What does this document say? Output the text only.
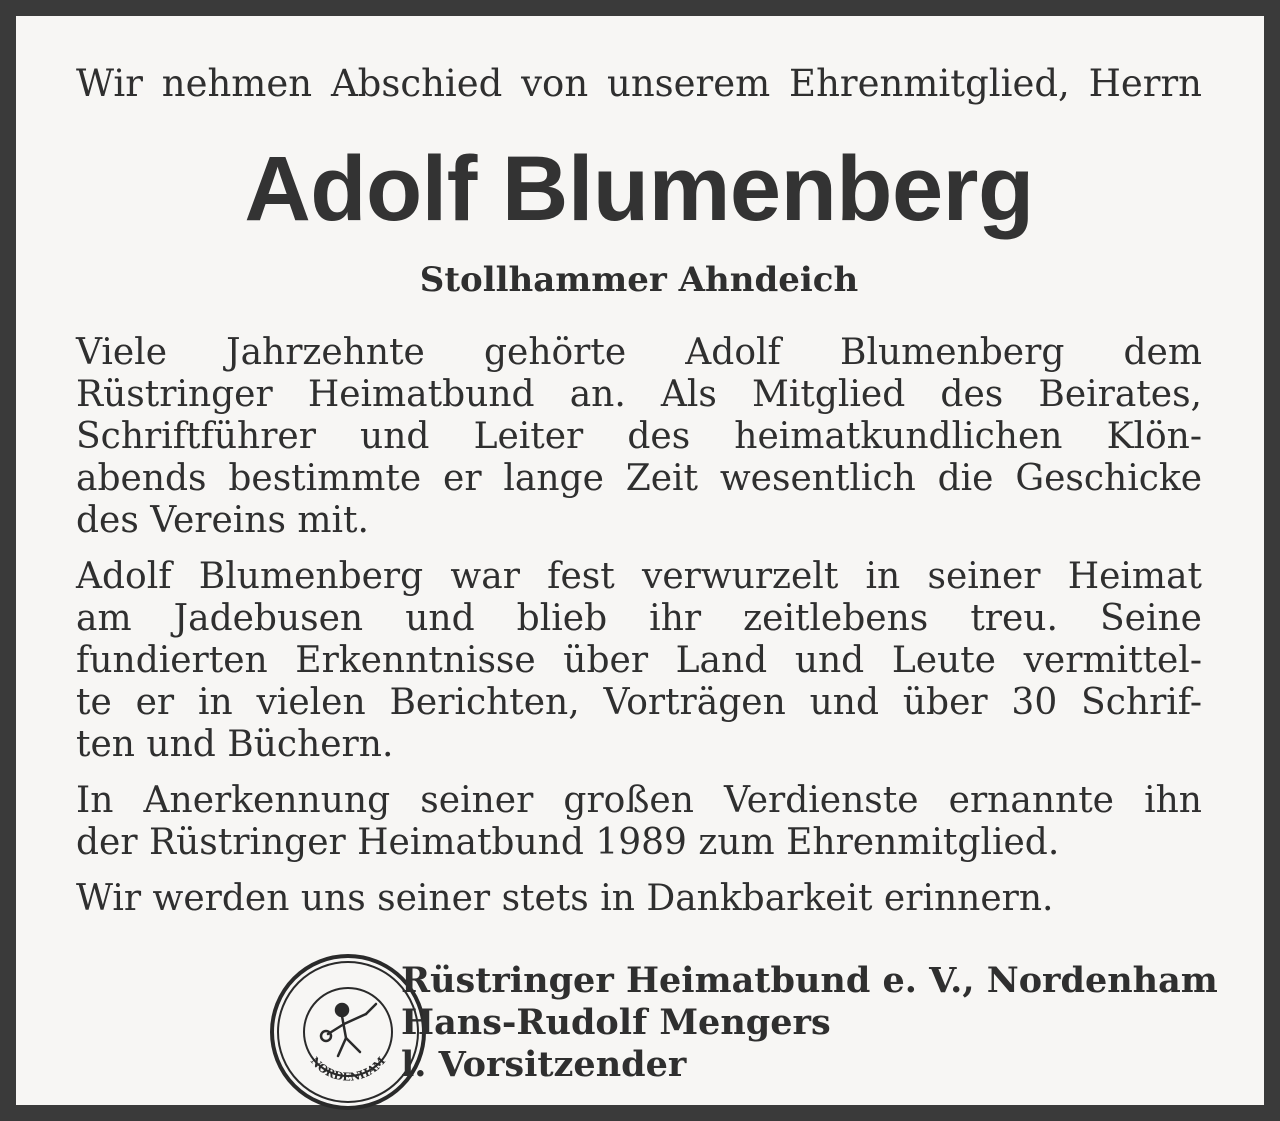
Wir nehmen Abschied von unserem Ehrenmitglied, Herrn
Adolf Blumenberg
Stollhammer Ahndeich
Viele Jahrzehnte gehörte Adolf Blumenberg dem
Rüstringer Heimatbund an. Als Mitglied des Beirates,
Schriftführer und Leiter des heimatkundlichen Klön-
abends bestimmte er lange Zeit wesentlich die Geschicke
des Vereins mit.
Adolf Blumenberg war fest verwurzelt in seiner Heimat
am Jadebusen und blieb ihr zeitlebens treu. Seine
fundierten Erkenntnisse über Land und Leute vermittel-
te er in vielen Berichten, Vorträgen und über 30 Schrif-
ten und Büchern.
In Anerkennung seiner großen Verdienste ernannte ihn
der Rüstringer Heimatbund 1989 zum Ehrenmitglied.
Wir werden uns seiner stets in Dankbarkeit erinnern.
NORDENHAM
Rüstringer Heimatbund e. V., Nordenham
Hans-Rudolf Mengers
l. Vorsitzender
